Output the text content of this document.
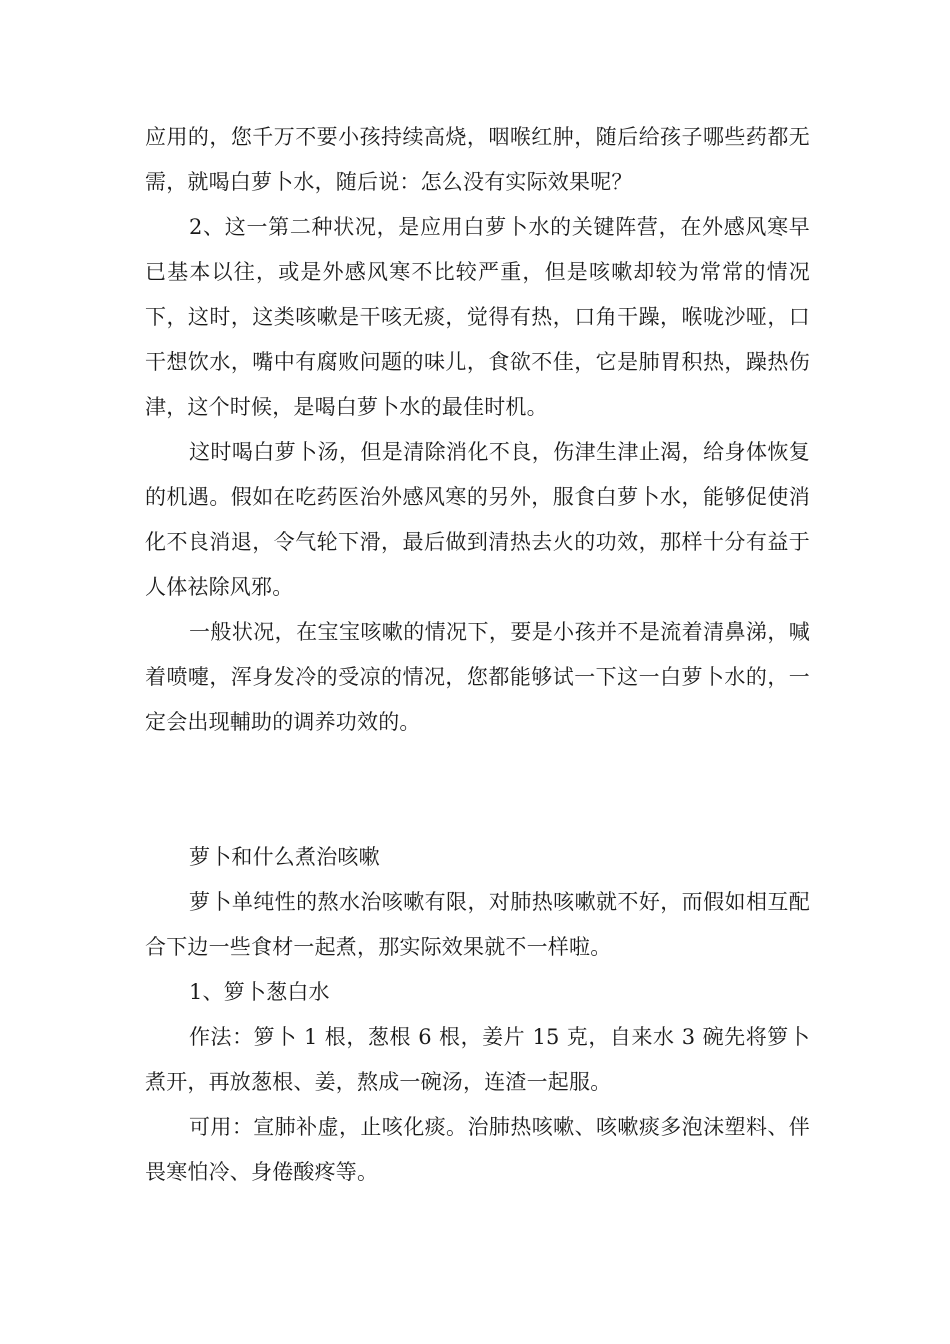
应用的，您千万不要小孩持续高烧，咽喉红肿，随后给孩子哪些药都无需，就喝白萝卜水，随后说：怎么没有实际效果呢？

2、这一第二种状况，是应用白萝卜水的关键阵营，在外感风寒早已基本以往，或是外感风寒不比较严重，但是咳嗽却较为常常的情况下，这时，这类咳嗽是干咳无痰，觉得有热，口角干躁，喉咙沙哑，口干想饮水，嘴中有腐败问题的味儿，食欲不佳，它是肺胃积热，躁热伤津，这个时候，是喝白萝卜水的最佳时机。

这时喝白萝卜汤，但是清除消化不良，伤津生津止渴，给身体恢复的机遇。假如在吃药医治外感风寒的另外，服食白萝卜水，能够促使消化不良消退，令气轮下滑，最后做到清热去火的功效，那样十分有益于人体祛除风邪。

一般状况，在宝宝咳嗽的情况下，要是小孩并不是流着清鼻涕，喊着喷嚏，浑身发冷的受凉的情况，您都能够试一下这一白萝卜水的，一定会出现輔助的调养功效的。

萝卜和什么煮治咳嗽

萝卜单纯性的熬水治咳嗽有限，对肺热咳嗽就不好，而假如相互配合下边一些食材一起煮，那实际效果就不一样啦。

1、箩卜葱白水

作法：箩卜 1 根，葱根 6 根，姜片 15 克，自来水 3 碗先将箩卜煮开，再放葱根、姜，熬成一碗汤，连渣一起服。

可用：宣肺补虚，止咳化痰。治肺热咳嗽、咳嗽痰多泡沫塑料、伴畏寒怕冷、身倦酸疼等。
